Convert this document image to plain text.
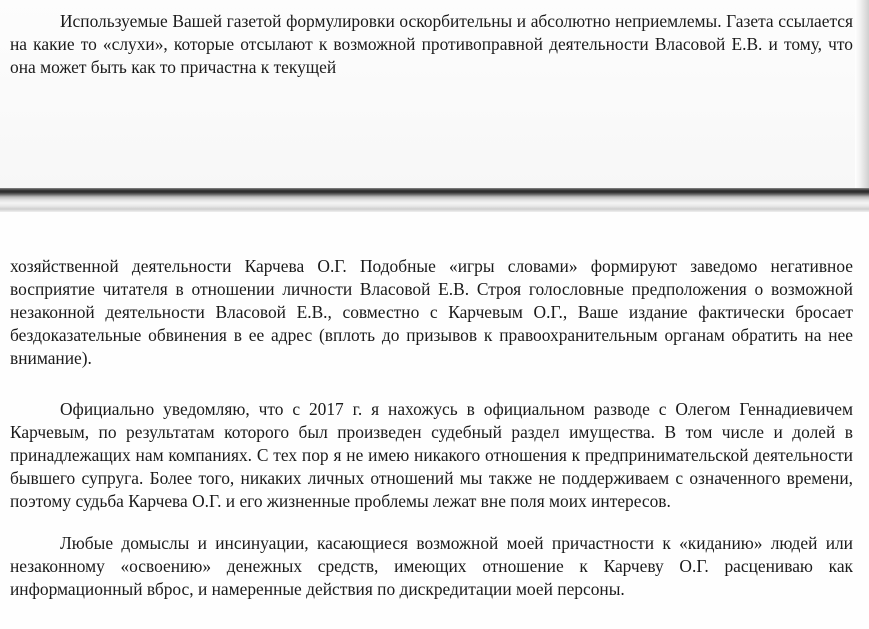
Используемые Вашей газетой формулировки оскорбительны и абсолютно неприемлемы. Газета ссылается на какие то «слухи», которые отсылают к возможной противоправной деятельности Власовой Е.В. и тому, что она может быть как то причастна к текущей

хозяйственной деятельности Карчева О.Г. Подобные «игры словами» формируют заведомо негативное восприятие читателя в отношении личности Власовой Е.В. Строя голословные предположения о возможной незаконной деятельности Власовой Е.В., совместно с Карчевым О.Г., Ваше издание фактически бросает бездоказательные обвинения в ее адрес (вплоть до призывов к правоохранительным органам обратить на нее внимание).

Официально уведомляю, что с 2017 г. я нахожусь в официальном разводе с Олегом Геннадиевичем Карчевым, по результатам которого был произведен судебный раздел имущества. В том числе и долей в принадлежащих нам компаниях. С тех пор я не имею никакого отношения к предпринимательской деятельности бывшего супруга. Более того, никаких личных отношений мы также не поддерживаем с означенного времени, поэтому судьба Карчева О.Г. и его жизненные проблемы лежат вне поля моих интересов.

Любые домыслы и инсинуации, касающиеся возможной моей причастности к «киданию» людей или незаконному «освоению» денежных средств, имеющих отношение к Карчеву О.Г. расцениваю как информационный вброс, и намеренные действия по дискредитации моей персоны.
